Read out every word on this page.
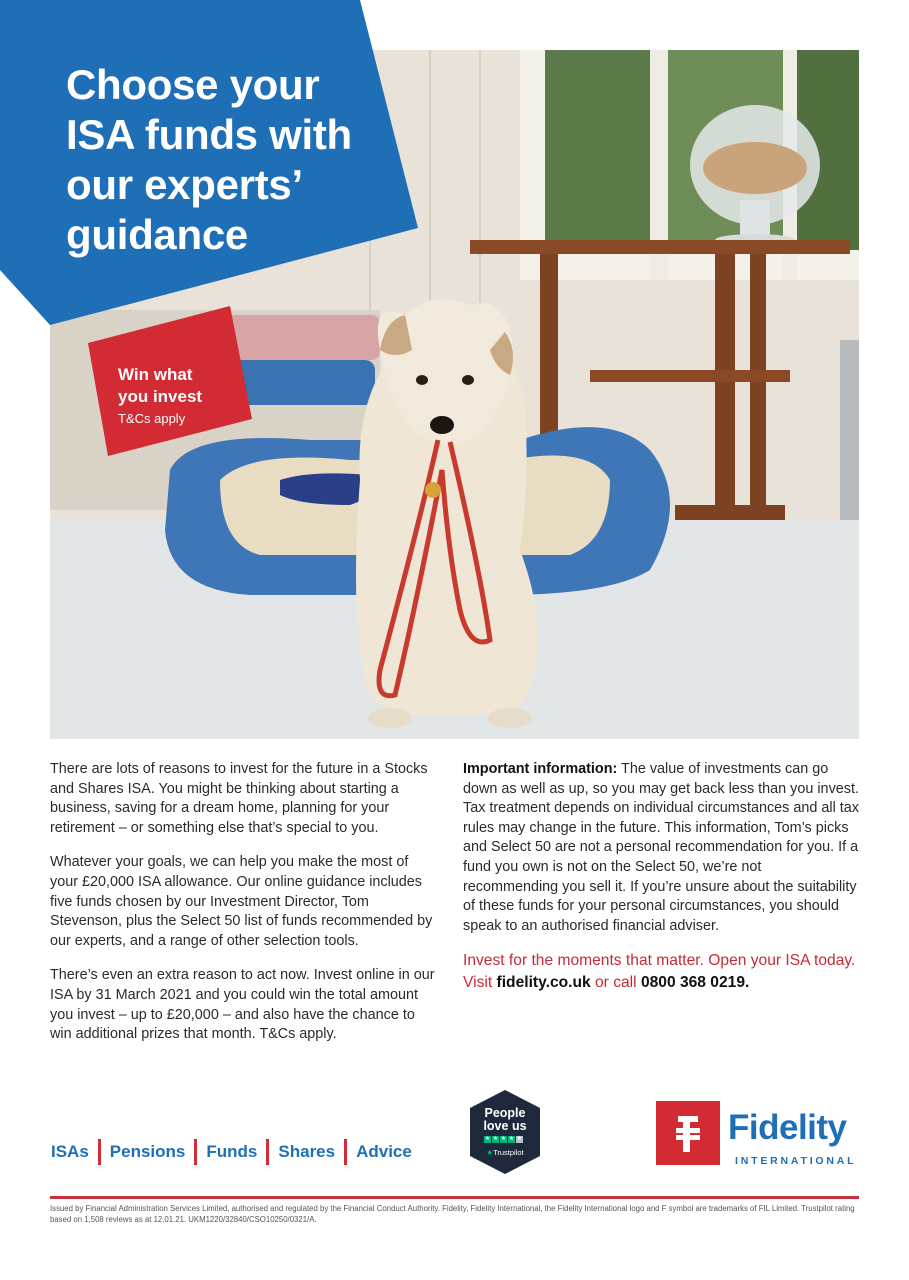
Choose your
ISA funds with
our experts’
guidance

Win what
you invest

T&Cs apply

There are lots of reasons to invest for the future in a Stocks and Shares ISA. You might be thinking about starting a business, saving for a dream home, planning for your retirement – or something else that’s special to you.

Whatever your goals, we can help you make the most of your £20,000 ISA allowance. Our online guidance includes five funds chosen by our Investment Director, Tom Stevenson, plus the Select 50 list of funds recommended by our experts, and a range of other selection tools.

There’s even an extra reason to act now. Invest online in our ISA by 31 March 2021 and you could win the total amount you invest – up to £20,000 – and also have the chance to win additional prizes that month. T&Cs apply.

Important information: The value of investments can go down as well as up, so you may get back less than you invest. Tax treatment depends on individual circumstances and all tax rules may change in the future. This information, Tom’s picks and Select 50 are not a personal recommendation for you. If a fund you own is not on the Select 50, we’re not recommending you sell it. If you’re unsure about the suitability of these funds for your personal circumstances, you should speak to an authorised financial adviser.

Invest for the moments that matter. Open your ISA today. Visit fidelity.co.uk or call 0800 368 0219.
ISAs Pensions Funds Shares Advice
People
love us
★ ★ ★ ★ ★
★Trustpilot
Fidelity
INTERNATIONAL

Issued by Financial Administration Services Limited, authorised and regulated by the Financial Conduct Authority. Fidelity, Fidelity International, the Fidelity International logo and F symbol are trademarks of FIL Limited. Trustpilot rating based on 1,508 reviews as at 12.01.21. UKM1220/32840/CSO10250/0321/A.
